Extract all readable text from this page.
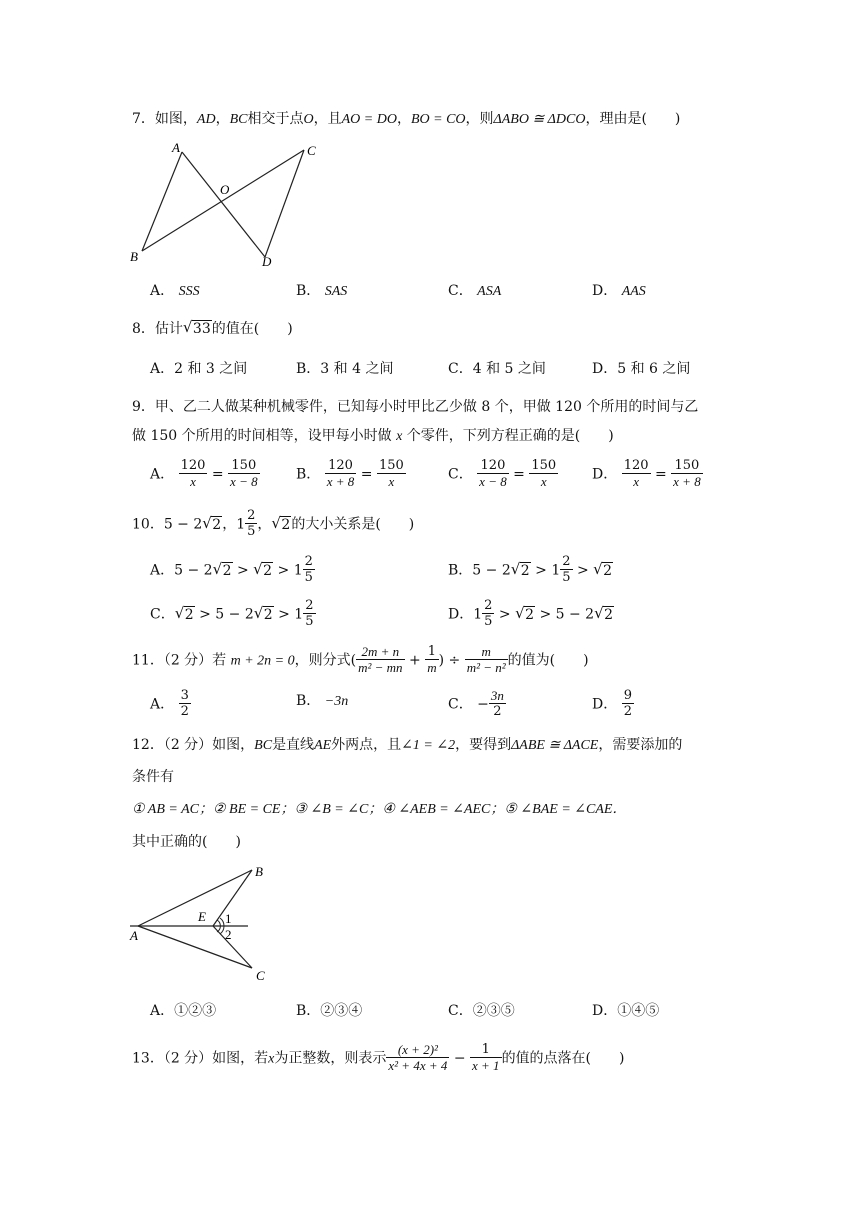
7．如图，AD，BC相交于点O，且AO = DO，BO = CO，则ΔABO ≅ ΔDCO，理由是(　　)
A
B
C
D
O
A． SSS	B． SAS	C． ASA	D． AAS
8．估计 √ 33的值在(　　)
A．2 和 3 之间	B．3 和 4 之间	C．4 和 5 之间	D．5 和 6 之间
9．甲、乙二人做某种机械零件，已知每小时甲比乙少做 8 个，甲做 120 个所用的时间与乙
做 150 个所用的时间相等，设甲每小时做 x 个零件，下列方程正确的是(　　)
A． $\frac{120}{x} = \frac{150}{x - 8}$	B． $\frac{120}{x + 8} = \frac{150}{x}$	C． $\frac{120}{x - 8} = \frac{150}{x}$ D． $\frac{120}{x} = \frac{150}{x + 8}$
10．5 − 2 √ 2，$1 \frac{2}{5}$ ， √ 2的大小关系是(　　)
A．5 − 2 √ 2 > √ $2 > 1 \frac{2}{5}$	B．5 − 2 √ $2 > 1 \frac{2}{5}$ > √ 2
C． √ 2 > 5 − 2 √ $2 > 1 \frac{2}{5}$	D．$1 \frac{2}{5}$ > √ 2 > 5 − 2 √ 2
11．（2 分）若 m + 2n = 0，则分式( $\frac{2m + n}{\text{m² − mn}} + \frac{1}{m}$ ) ÷ $\frac{m}{\text{m² − n²}}$ 的值为(　　)
A． $\frac{3}{2}$	B． −3n	C． − $\frac{3n}{2}$	D． $\frac{9}{2}$
12．（2 分）如图，BC是直线AE外两点，且∠1 = ∠2，要得到ΔABE ≅ ΔACE，需要添加的
条件有
① AB = AC；② BE = CE；③ ∠B = ∠C；④ ∠AEB = ∠AEC；⑤ ∠BAE = ∠CAE．
其中正确的(　　)
A
B
C
E 1
2
A．①②③	B．②③④	C．②③⑤	D．①④⑤
13．（2 分）如图，若x为正整数，则表示 $\frac{\text{(x + 2)²}}{\text{x² + 4x + 4}} - \frac{1}{x + 1}$ 的值的点落在(　　)
